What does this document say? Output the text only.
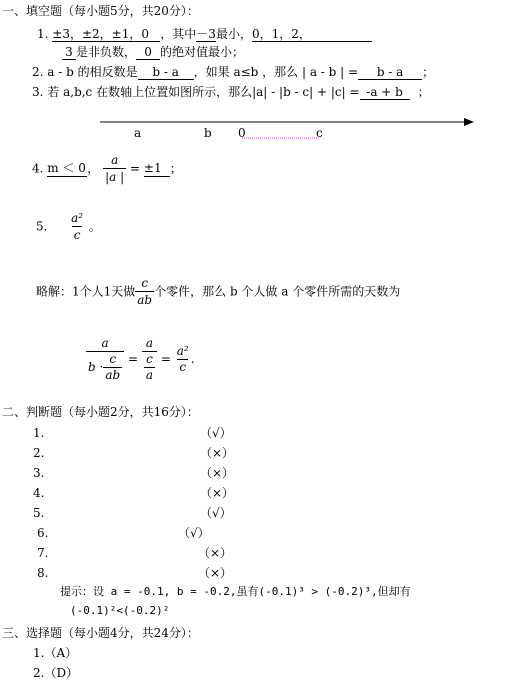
一、填空题（每小题5分，共20分）：
1. ±3，±2，±1，0 ，其中－3最小，0，1，2，
3 是非负数， 0 的绝对值最小；
2. a - b 的相反数是 b - a ，如果 a≤b ，那么 | a - b | = b - a ；
3. 若 a,b,c 在数轴上位置如图所示，那么|a| - |b - c| + |c| = -a + b ；
a	b 0	c
4. m ＜ 0， $\frac{a}{|a |} = \pm 1$ ；
5. $\frac{\text{a²}}{c}$ 。
略解：1个人1天做 $\frac{c}{ab}$ 个零件，那么 b 个人做 a 个零件所需的天数为
$\frac{a}{b \cdot \frac{c}{ab}} = \frac{a}{\frac{c}{a}} = \frac{\text{a²}}{c}$ .
二、判断题（每小题2分，共16分）：
1.	（√）
2.	（×）
3.	（×）
4.	（×）
5.	（√）
6.	（√）
7.	（×）
8.	（×）
提示：设 a = -0.1, b = -0.2,虽有(-0.1)³ > (-0.2)³,但却有
(-0.1)²<(-0.2)²
三、选择题（每小题4分，共24分）：
1.（A）
2.（D）
